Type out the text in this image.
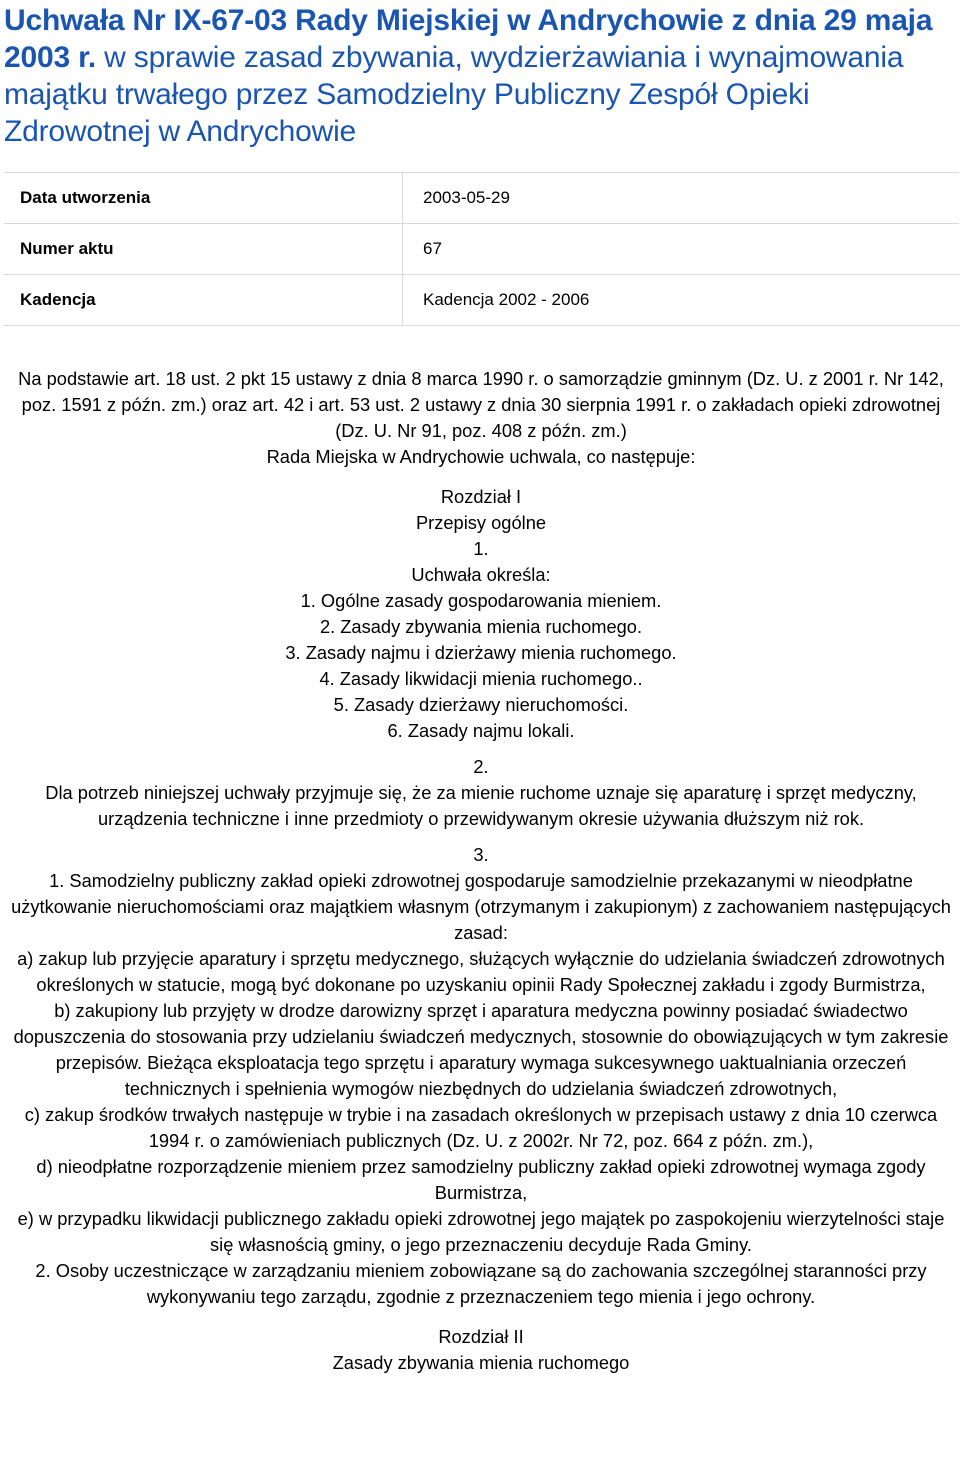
Uchwała Nr IX-67-03 Rady Miejskiej w Andrychowie z dnia 29 maja 2003 r. w sprawie zasad zbywania, wydzierżawiania i wynajmowania majątku trwałego przez Samodzielny Publiczny Zespół Opieki Zdrowotnej w Andrychowie
Data utworzenia	2003-05-29
Numer aktu	67
Kadencja	Kadencja 2002 - 2006

Na podstawie art. 18 ust. 2 pkt 15 ustawy z dnia 8 marca 1990 r. o samorządzie gminnym (Dz. U. z 2001 r. Nr 142, poz. 1591 z późn. zm.) oraz art. 42 i art. 53 ust. 2 ustawy z dnia 30 sierpnia 1991 r. o zakładach opieki zdrowotnej (Dz. U. Nr 91, poz. 408 z późn. zm.)

Rada Miejska w Andrychowie uchwala, co następuje:

Rozdział I

Przepisy ogólne

1.

Uchwała określa:

1. Ogólne zasady gospodarowania mieniem.

2. Zasady zbywania mienia ruchomego.

3. Zasady najmu i dzierżawy mienia ruchomego.

4. Zasady likwidacji mienia ruchomego..

5. Zasady dzierżawy nieruchomości.

6. Zasady najmu lokali.

2.

Dla potrzeb niniejszej uchwały przyjmuje się, że za mienie ruchome uznaje się aparaturę i sprzęt medyczny, urządzenia techniczne i inne przedmioty o przewidywanym okresie używania dłuższym niż rok.

3.

1. Samodzielny publiczny zakład opieki zdrowotnej gospodaruje samodzielnie przekazanymi w nieodpłatne użytkowanie nieruchomościami oraz majątkiem własnym (otrzymanym i zakupionym) z zachowaniem następujących zasad:

a) zakup lub przyjęcie aparatury i sprzętu medycznego, służących wyłącznie do udzielania świadczeń zdrowotnych określonych w statucie, mogą być dokonane po uzyskaniu opinii Rady Społecznej zakładu i zgody Burmistrza,

b) zakupiony lub przyjęty w drodze darowizny sprzęt i aparatura medyczna powinny posiadać świadectwo dopuszczenia do stosowania przy udzielaniu świadczeń medycznych, stosownie do obowiązujących w tym zakresie przepisów. Bieżąca eksploatacja tego sprzętu i aparatury wymaga sukcesywnego uaktualniania orzeczeń technicznych i spełnienia wymogów niezbędnych do udzielania świadczeń zdrowotnych,

c) zakup środków trwałych następuje w trybie i na zasadach określonych w przepisach ustawy z dnia 10 czerwca 1994 r. o zamówieniach publicznych (Dz. U. z 2002r. Nr 72, poz. 664 z późn. zm.),

d) nieodpłatne rozporządzenie mieniem przez samodzielny publiczny zakład opieki zdrowotnej wymaga zgody Burmistrza,

e) w przypadku likwidacji publicznego zakładu opieki zdrowotnej jego majątek po zaspokojeniu wierzytelności staje się własnością gminy, o jego przeznaczeniu decyduje Rada Gminy.

2. Osoby uczestniczące w zarządzaniu mieniem zobowiązane są do zachowania szczególnej staranności przy wykonywaniu tego zarządu, zgodnie z przeznaczeniem tego mienia i jego ochrony.

Rozdział II

Zasady zbywania mienia ruchomego
